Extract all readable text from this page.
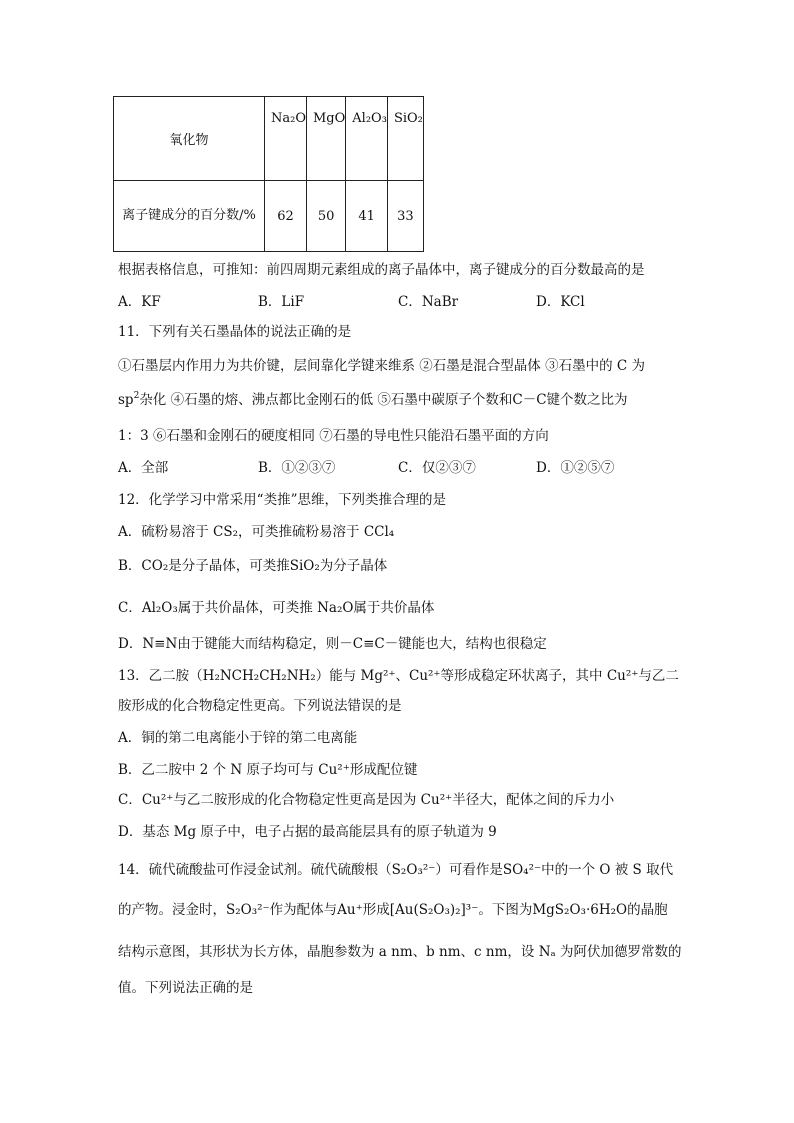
氧化物	Na₂O	MgO	Al₂O₃	SiO₂

离子键成分的百分数/%	62	50	41	33
根据表格信息，可推知：前四周期元素组成的离子晶体中，离子键成分的百分数最高的是
A．KF	B．LiF	C．NaBr	D．KCl
11．下列有关石墨晶体的说法正确的是
①石墨层内作用力为共价键，层间靠化学键来维系 ②石墨是混合型晶体 ③石墨中的 C 为
$sp^2$杂化 ④石墨的熔、沸点都比金刚石的低 ⑤石墨中碳原子个数和C－C键个数之比为
1：3 ⑥石墨和金刚石的硬度相同 ⑦石墨的导电性只能沿石墨平面的方向
A．全部	B．①②③⑦	C．仅②③⑦	D．①②⑤⑦
12．化学学习中常采用“类推”思维，下列类推合理的是
A．硫粉易溶于 CS₂，可类推硫粉易溶于 CCl₄
B．CO₂是分子晶体，可类推SiO₂为分子晶体
C．Al₂O₃属于共价晶体，可类推 Na₂O属于共价晶体
D．N≡N由于键能大而结构稳定，则－C≡C－键能也大，结构也很稳定
13．乙二胺（H₂NCH₂CH₂NH₂）能与 Mg²⁺、Cu²⁺等形成稳定环状离子，其中 Cu²⁺与乙二
胺形成的化合物稳定性更高。下列说法错误的是
A．铜的第二电离能小于锌的第二电离能
B．乙二胺中 2 个 N 原子均可与 Cu²⁺形成配位键
C．Cu²⁺与乙二胺形成的化合物稳定性更高是因为 Cu²⁺半径大，配体之间的斥力小
D．基态 Mg 原子中，电子占据的最高能层具有的原子轨道为 9
14．硫代硫酸盐可作浸金试剂。硫代硫酸根（S₂O₃²⁻）可看作是SO₄²⁻中的一个 O 被 S 取代
的产物。浸金时，S₂O₃²⁻作为配体与Au⁺形成[Au(S₂O₃)₂]³⁻。下图为MgS₂O₃·6H₂O的晶胞
结构示意图，其形状为长方体，晶胞参数为 a nm、b nm、c nm，设 Nₐ 为阿伏加德罗常数的
值。下列说法正确的是
